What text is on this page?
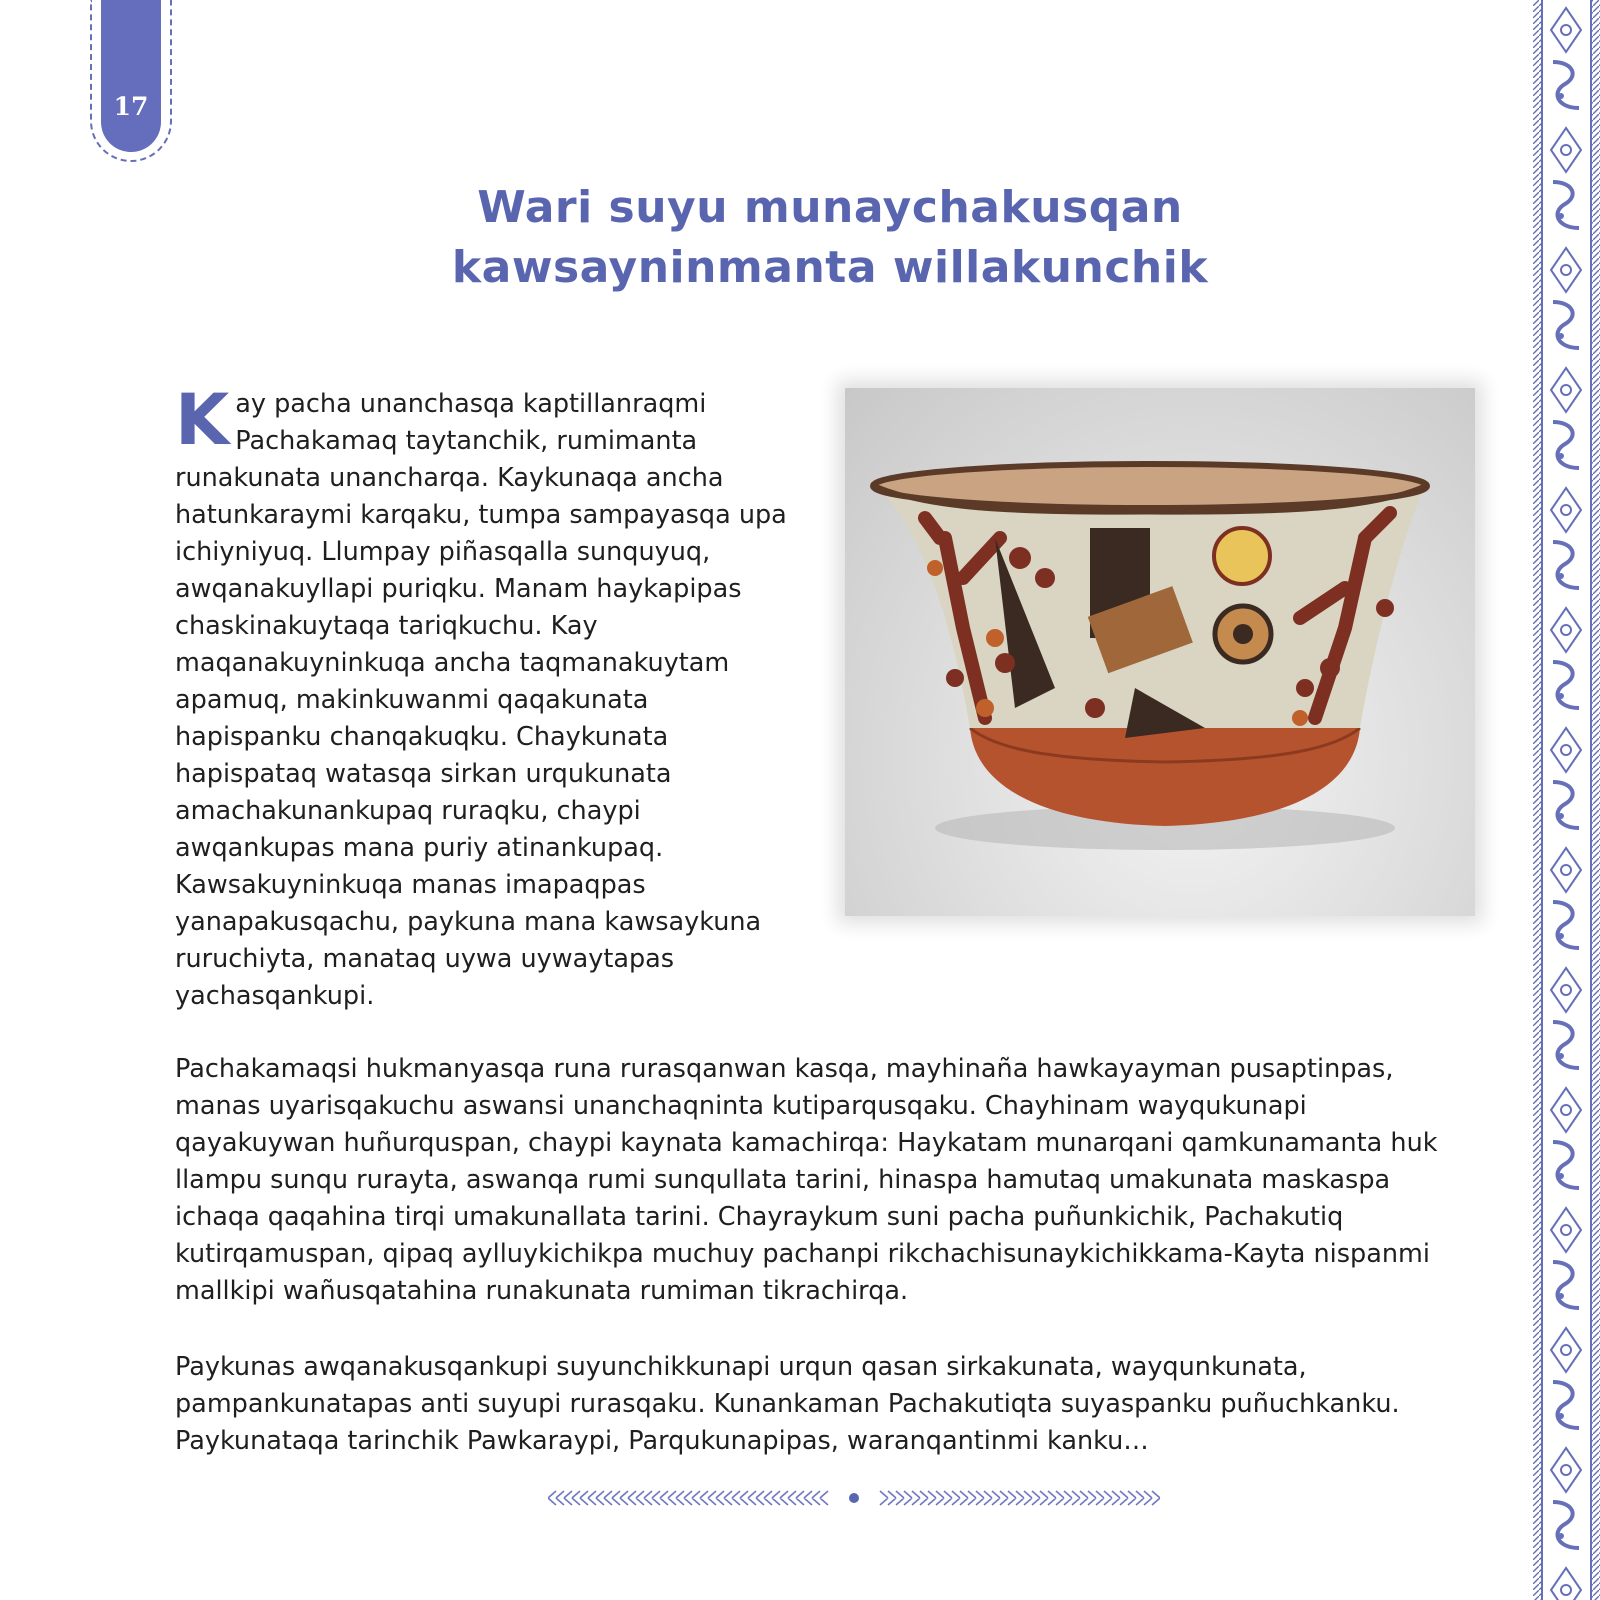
17
Wari suyu munaychakusqan
kawsayninmanta willakunchik

Kay pacha unanchasqa kaptillanraqmi Pachakamaq taytanchik, rumimanta runakunata unancharqa. Kaykunaqa ancha hatunkaraymi karqaku, tumpa sampayasqa upa ichiyniyuq. Llumpay piñasqalla sunquyuq, awqanakuyllapi puriqku. Manam haykapipas chaskinakuytaqa tariqkuchu. Kay maqanakuyninkuqa ancha taqmanakuytam apamuq, makinkuwanmi qaqakunata hapispanku chanqakuqku. Chaykunata hapispataq watasqa sirkan urqukunata amachakunankupaq ruraqku, chaypi awqankupas mana puriy atinankupaq. Kawsakuyninkuqa manas imapaqpas yanapakusqachu, paykuna mana kawsaykuna ruruchiyta, manataq uywa uywaytapas yachasqankupi.

Pachakamaqsi hukmanyasqa runa rurasqanwan kasqa, mayhinaña hawkayayman pusaptinpas, manas uyarisqakuchu aswansi unanchaqninta kutiparqusqaku. Chayhinam wayqukunapi qayakuywan huñurquspan, chaypi kaynata kamachirqa: Haykatam munarqani qamkunamanta huk llampu sunqu rurayta, aswanqa rumi sunqullata tarini, hinaspa hamutaq umakunata maskaspa ichaqa qaqahina tirqi umakunallata tarini. Chayraykum suni pacha puñunkichik, Pachakutiq kutirqamuspan, qipaq aylluykichikpa muchuy pachanpi rikchachisunaykichikkama-Kayta nispanmi mallkipi wañusqatahina runakunata rumiman tikrachirqa.

Paykunas awqanakusqankupi suyunchikkunapi urqun qasan sirkakunata, wayqunkunata, pampankunatapas anti suyupi rurasqaku. Kunankaman Pachakutiqta suyaspanku puñuchkanku. Paykunataqa tarinchik Pawkaraypi, Parqukunapipas, waranqantinmi kanku…
